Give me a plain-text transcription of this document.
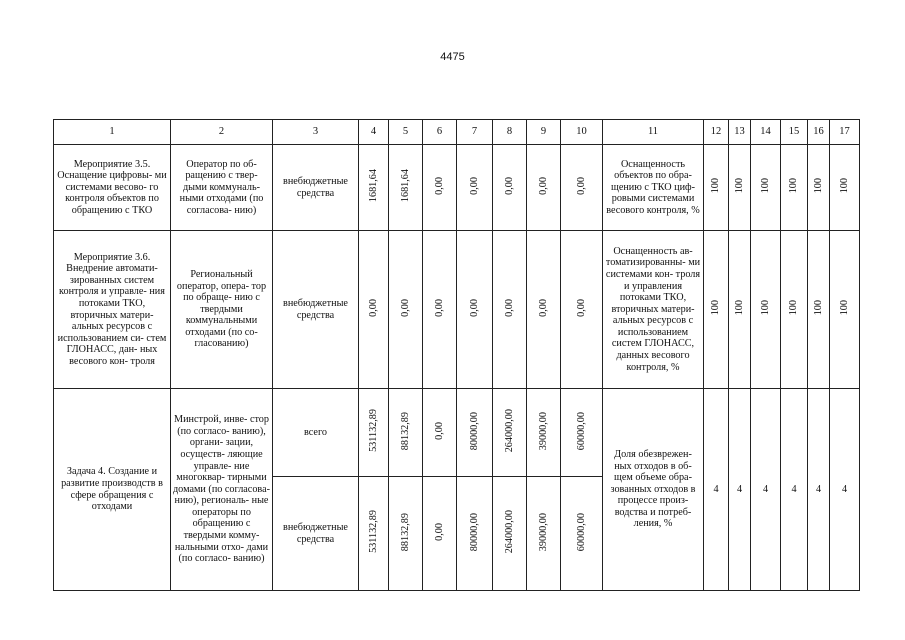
4475
1	2	3	4	5	6	7	8	9	10	11	12	13	14	15	16	17
Мероприятие 3.5. Оснащение цифровы- ми системами весово- го контроля объектов по обращению с ТКО	Оператор по об- ращению с твер- дыми коммуналь- ными отходами (по согласова- нию)	внебюджетные средства	1681,64	1681,64	0,00	0,00	0,00	0,00	0,00	Оснащенность объектов по обра- щению с ТКО циф- ровыми системами весового контроля, %	100	100	100	100	100	100
Мероприятие 3.6. Внедрение автомати- зированных систем контроля и управле- ния потоками ТКО, вторичных матери- альных ресурсов с использованием си- стем ГЛОНАСС, дан- ных весового кон- троля	Региональный оператор, опера- тор по обраще- нию с твердыми коммунальными отходами (по со- гласованию)	внебюджетные средства	0,00	0,00	0,00	0,00	0,00	0,00	0,00	Оснащенность ав- томатизированны- ми системами кон- троля и управления потоками ТКО, вторичных матери- альных ресурсов с использованием систем ГЛОНАСС, данных весового контроля, %	100	100	100	100	100	100
Задача 4. Создание и развитие производств в сфере обращения с отходами	Минстрой, инве- стор (по согласо- ванию), органи- зации, осуществ- ляющие управле- ние многоквар- тирными домами (по согласова- нию), региональ- ные операторы по обращению с твердыми комму- нальными отхо- дами (по согласо- ванию)	всего	531132,89	88132,89	0,00	80000,00	264000,00	39000,00	60000,00	Доля обезврежен- ных отходов в об- щем объеме обра- зованных отходов в процессе произ- водства и потреб- ления, %	4	4	4	4	4	4
		внебюджетные средства	531132,89	88132,89	0,00	80000,00	264000,00	39000,00	60000,00							
